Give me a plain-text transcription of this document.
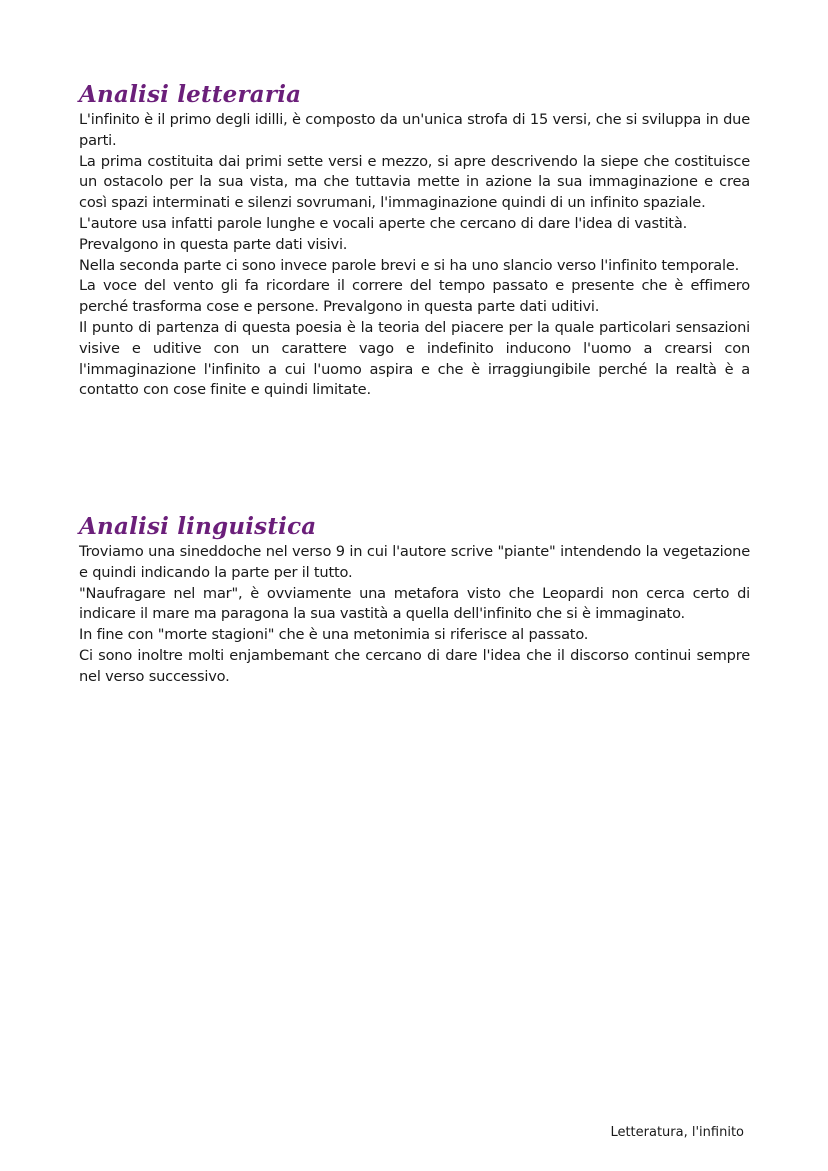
Analisi letteraria

L'infinito è il primo degli idilli, è composto da un'unica strofa di 15 versi, che si sviluppa in due parti.

La prima costituita dai primi sette versi e mezzo, si apre descrivendo la siepe che costituisce un ostacolo per la sua vista, ma che tuttavia mette in azione la sua immaginazione e crea così spazi interminati e silenzi sovrumani, l'immaginazione quindi di un infinito spaziale.

L'autore usa infatti parole lunghe e vocali aperte che cercano di dare l'idea di vastità.

Prevalgono in questa parte dati visivi.

Nella seconda parte ci sono invece parole brevi e si ha uno slancio verso l'infinito temporale.

La voce del vento gli fa ricordare il correre del tempo passato e presente che è effimero perché trasforma cose e persone. Prevalgono in questa parte dati uditivi.

Il punto di partenza di questa poesia è la teoria del piacere per la quale particolari sensazioni visive e uditive con un carattere vago e indefinito inducono l'uomo a crearsi con l'immaginazione l'infinito a cui l'uomo aspira e che è irraggiungibile perché la realtà è a contatto con cose finite e quindi limitate.

Analisi linguistica

Troviamo una sineddoche nel verso 9 in cui l'autore scrive "piante" intendendo la vegetazione e quindi indicando la parte per il tutto.

"Naufragare nel mar", è ovviamente una metafora visto che Leopardi non cerca certo di indicare il mare ma paragona la sua vastità a quella dell'infinito che si è immaginato.

In fine con "morte stagioni" che è una metonimia si riferisce al passato.

Ci sono inoltre molti enjambemant che cercano di dare l'idea che il discorso continui sempre nel verso successivo.

Letteratura, l'infinito
